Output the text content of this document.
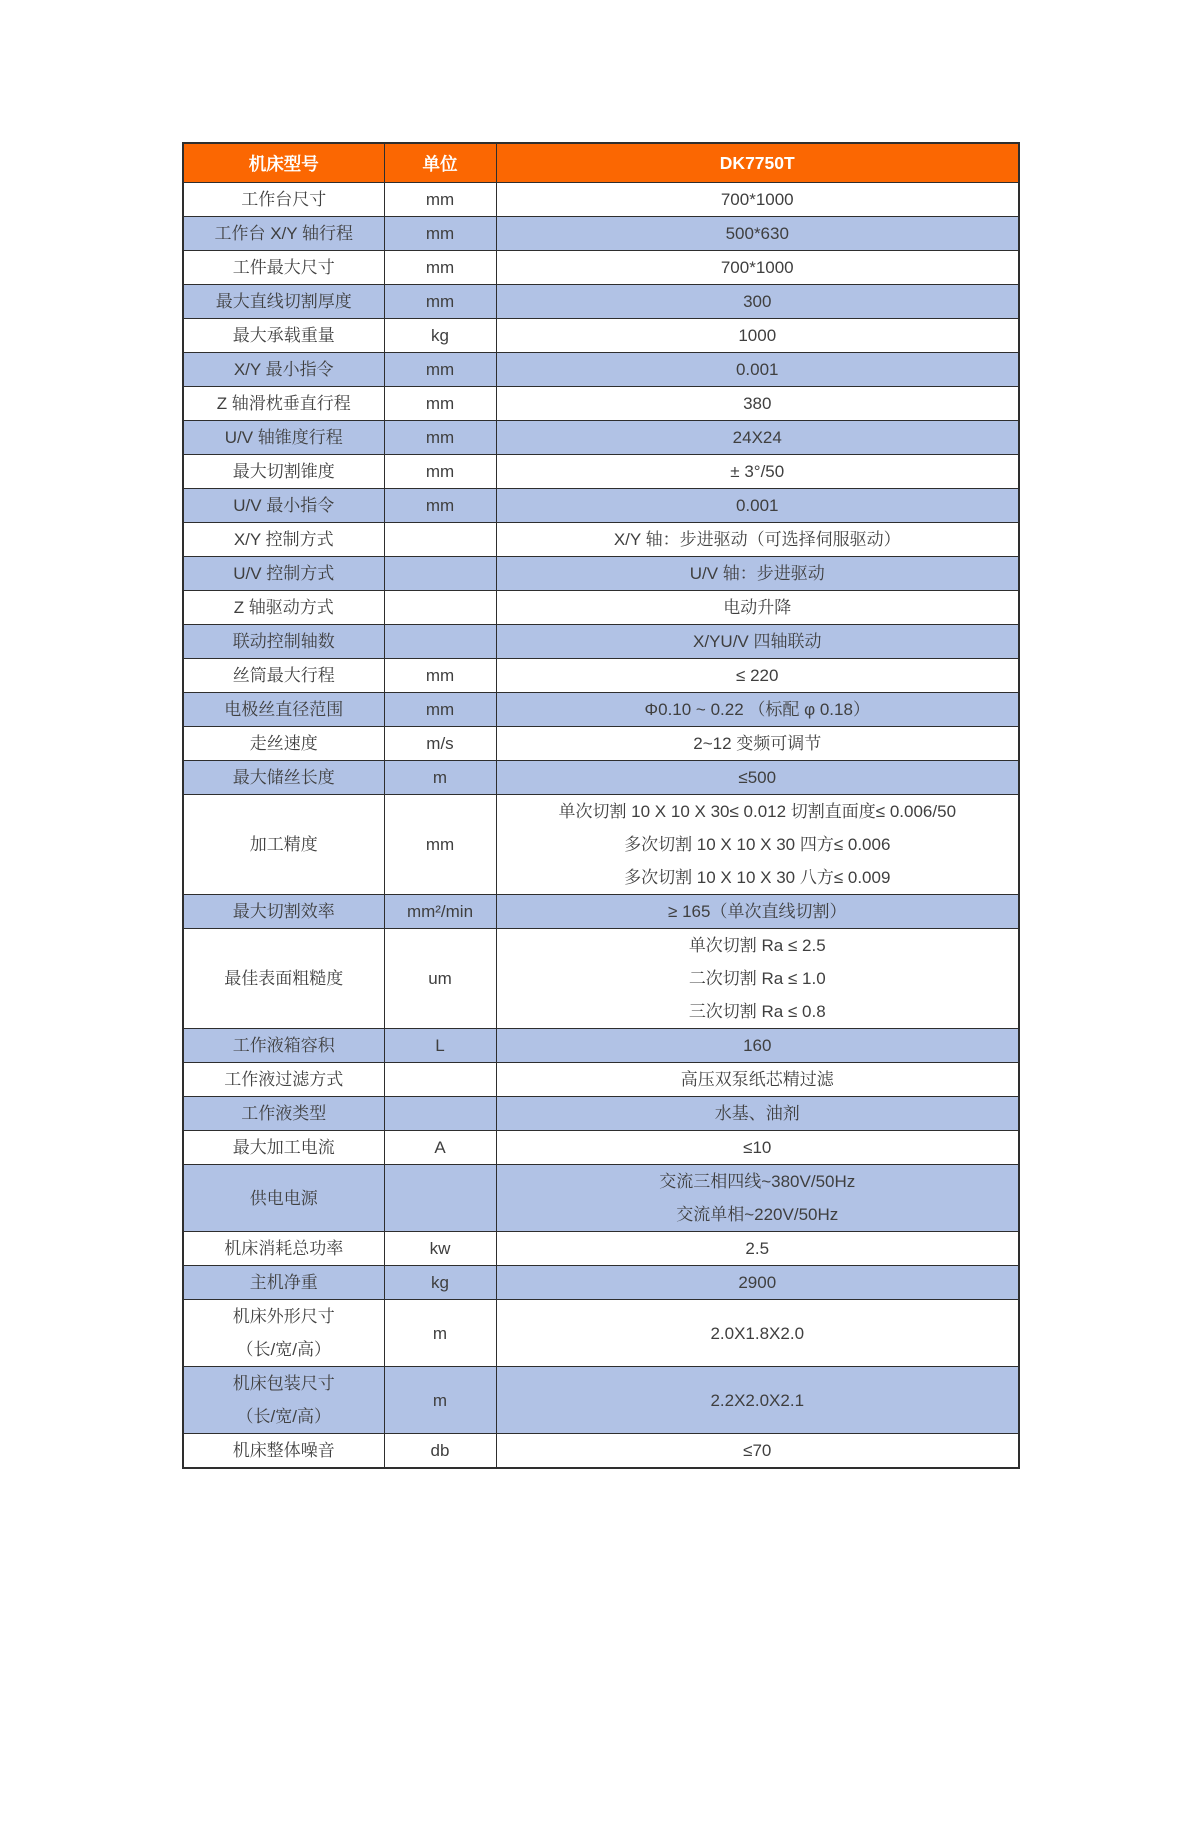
机床型号	单位	DK7750T

工作台尺寸	mm	700*1000

工作台 X/Y 轴行程	mm	500*630

工件最大尺寸	mm	700*1000

最大直线切割厚度	mm	300

最大承载重量	kg	1000

X/Y 最小指令	mm	0.001

Z 轴滑枕垂直行程	mm	380

U/V 轴锥度行程	mm	24X24

最大切割锥度	mm	± 3°/50

U/V 最小指令	mm	0.001

X/Y 控制方式		X/Y 轴：步进驱动（可选择伺服驱动）

U/V 控制方式		U/V 轴：步进驱动

Z 轴驱动方式		电动升降

联动控制轴数		X/YU/V 四轴联动

丝筒最大行程	mm	≤ 220

电极丝直径范围	mm	Φ0.10 ~ 0.22 （标配 φ 0.18）

走丝速度	m/s	2~12 变频可调节

最大储丝长度	m	≤500

加工精度	mm	单次切割 10 X 10 X 30≤ 0.012 切割直面度≤ 0.006/50
多次切割 10 X 10 X 30 四方≤ 0.006
多次切割 10 X 10 X 30 八方≤ 0.009

最大切割效率	mm²/min	≥ 165（单次直线切割）

最佳表面粗糙度	um	单次切割 Ra ≤ 2.5
二次切割 Ra ≤ 1.0
三次切割 Ra ≤ 0.8

工作液箱容积	L	160

工作液过滤方式		高压双泵纸芯精过滤

工作液类型		水基、油剂

最大加工电流	A	≤10

供电电源		交流三相四线~380V/50Hz
交流单相~220V/50Hz

机床消耗总功率	kw	2.5

主机净重	kg	2900

机床外形尺寸
（长/宽/高）	m	2.0X1.8X2.0

机床包装尺寸
（长/宽/高）	m	2.2X2.0X2.1

机床整体噪音	db	≤70
